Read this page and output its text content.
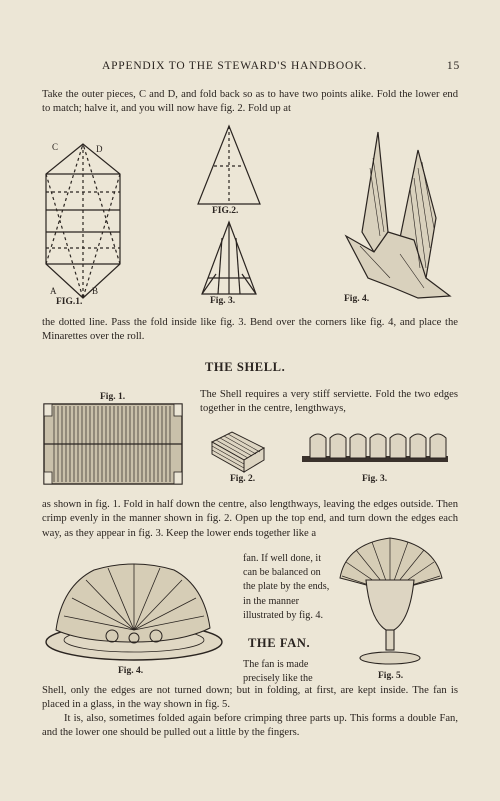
APPENDIX TO THE STEWARD'S HANDBOOK.	15
Take the outer pieces, C and D, and fold back so as to have two points alike. Fold the lower end to match; halve it, and you will now have fig. 2. Fold up at
C	D
A	B
FIG.1.
FIG.2.
Fig. 3.	Fig. 4.
the dotted line. Pass the fold inside like fig. 3. Bend over the corners like fig. 4, and place the Minarettes over the roll.
THE SHELL.
Fig. 1.	The Shell requires a very stiff serviette. Fold the two edges together in the centre, lengthways,
Fig. 2.	Fig. 3.
as shown in fig. 1. Fold in half down the centre, also lengthways, leaving the edges outside. Then crimp evenly in the manner shown in fig. 2. Open up the top end, and turn down the edges each way, as they appear in fig. 3. Keep the lower ends together like a
Fig. 4.
fan. If well done, it can be balanced on the plate by the ends, in the manner illustrated by fig. 4.
THE FAN.
The fan is made precisely like the	Fig. 5.
Shell, only the edges are not turned down; but in folding, at first, are kept inside. The fan is placed in a glass, in the way shown in fig. 5.
It is, also, sometimes folded again before crimping three parts up. This forms a double Fan, and the lower one should be pulled out a little by the fingers.
